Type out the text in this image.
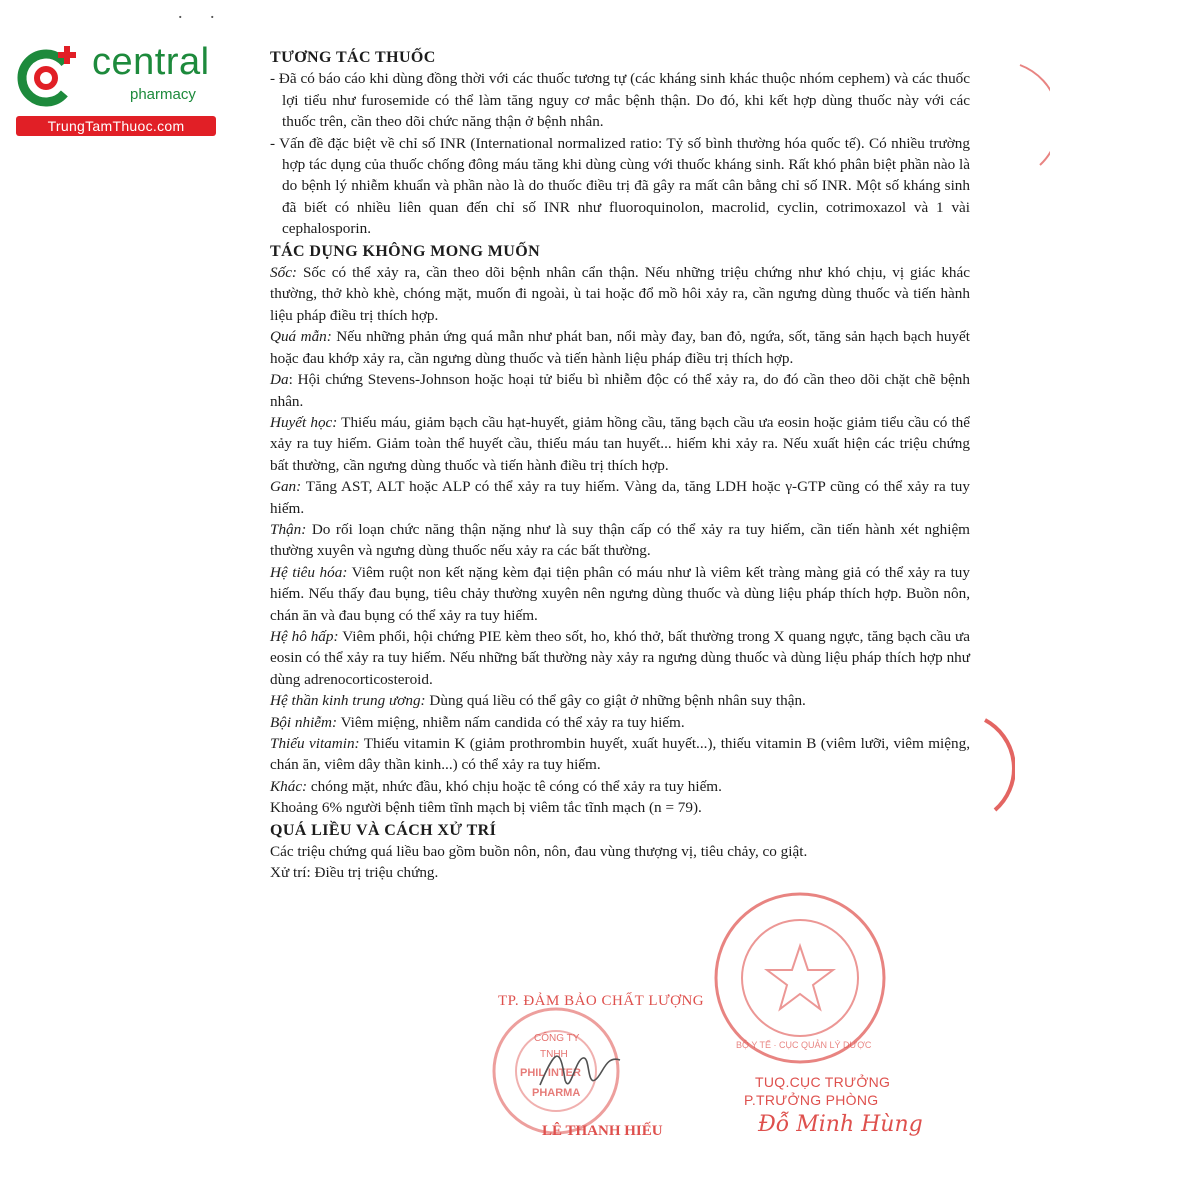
central
pharmacy
TrungTamThuoc.com

TƯƠNG TÁC THUỐC

- Đã có báo cáo khi dùng đồng thời với các thuốc tương tự (các kháng sinh khác thuộc nhóm cephem) và các thuốc lợi tiểu như furosemide có thể làm tăng nguy cơ mắc bệnh thận. Do đó, khi kết hợp dùng thuốc này với các thuốc trên, cần theo dõi chức năng thận ở bệnh nhân.

- Vấn đề đặc biệt về chỉ số INR (International normalized ratio: Tỷ số bình thường hóa quốc tế). Có nhiều trường hợp tác dụng của thuốc chống đông máu tăng khi dùng cùng với thuốc kháng sinh. Rất khó phân biệt phần nào là do bệnh lý nhiễm khuẩn và phần nào là do thuốc điều trị đã gây ra mất cân bằng chỉ số INR. Một số kháng sinh đã biết có nhiều liên quan đến chỉ số INR như fluoroquinolon, macrolid, cyclin, cotrimoxazol và 1 vài cephalosporin.

TÁC DỤNG KHÔNG MONG MUỐN

Sốc: Sốc có thể xảy ra, cần theo dõi bệnh nhân cẩn thận. Nếu những triệu chứng như khó chịu, vị giác khác thường, thở khò khè, chóng mặt, muốn đi ngoài, ù tai hoặc đổ mồ hôi xảy ra, cần ngưng dùng thuốc và tiến hành liệu pháp điều trị thích hợp.

Quá mẫn: Nếu những phản ứng quá mẫn như phát ban, nổi mày đay, ban đỏ, ngứa, sốt, tăng sản hạch bạch huyết hoặc đau khớp xảy ra, cần ngưng dùng thuốc và tiến hành liệu pháp điều trị thích hợp.

Da: Hội chứng Stevens-Johnson hoặc hoại tử biểu bì nhiễm độc có thể xảy ra, do đó cần theo dõi chặt chẽ bệnh nhân.

Huyết học: Thiếu máu, giảm bạch cầu hạt-huyết, giảm hồng cầu, tăng bạch cầu ưa eosin hoặc giảm tiểu cầu có thể xảy ra tuy hiếm. Giảm toàn thể huyết cầu, thiếu máu tan huyết... hiếm khi xảy ra. Nếu xuất hiện các triệu chứng bất thường, cần ngưng dùng thuốc và tiến hành điều trị thích hợp.

Gan: Tăng AST, ALT hoặc ALP có thể xảy ra tuy hiếm. Vàng da, tăng LDH hoặc γ-GTP cũng có thể xảy ra tuy hiếm.

Thận: Do rối loạn chức năng thận nặng như là suy thận cấp có thể xảy ra tuy hiếm, cần tiến hành xét nghiệm thường xuyên và ngưng dùng thuốc nếu xảy ra các bất thường.

Hệ tiêu hóa: Viêm ruột non kết nặng kèm đại tiện phân có máu như là viêm kết tràng màng giả có thể xảy ra tuy hiếm. Nếu thấy đau bụng, tiêu chảy thường xuyên nên ngưng dùng thuốc và dùng liệu pháp thích hợp. Buồn nôn, chán ăn và đau bụng có thể xảy ra tuy hiếm.

Hệ hô hấp: Viêm phổi, hội chứng PIE kèm theo sốt, ho, khó thở, bất thường trong X quang ngực, tăng bạch cầu ưa eosin có thể xảy ra tuy hiếm. Nếu những bất thường này xảy ra ngưng dùng thuốc và dùng liệu pháp thích hợp như dùng adrenocorticosteroid.

Hệ thần kinh trung ương: Dùng quá liều có thể gây co giật ở những bệnh nhân suy thận.

Bội nhiễm: Viêm miệng, nhiễm nấm candida có thể xảy ra tuy hiếm.

Thiếu vitamin: Thiếu vitamin K (giảm prothrombin huyết, xuất huyết...), thiếu vitamin B (viêm lưỡi, viêm miệng, chán ăn, viêm dây thần kinh...) có thể xảy ra tuy hiếm.

Khác: chóng mặt, nhức đầu, khó chịu hoặc tê cóng có thể xảy ra tuy hiếm.

Khoảng 6% người bệnh tiêm tĩnh mạch bị viêm tắc tĩnh mạch (n = 79).

QUÁ LIỀU VÀ CÁCH XỬ TRÍ

Các triệu chứng quá liều bao gồm buồn nôn, nôn, đau vùng thượng vị, tiêu chảy, co giật.

Xử trí: Điều trị triệu chứng.

. .
TP. ĐẢM BẢO CHẤT LƯỢNG
CÔNG TY
TNHH
PHIL INTER
PHARMA
LÊ THANH HIẾU
BỘ Y TẾ · CỤC QUẢN LÝ DƯỢC
TUQ.CỤC TRƯỞNG
P.TRƯỞNG PHÒNG
Đỗ Minh Hùng
